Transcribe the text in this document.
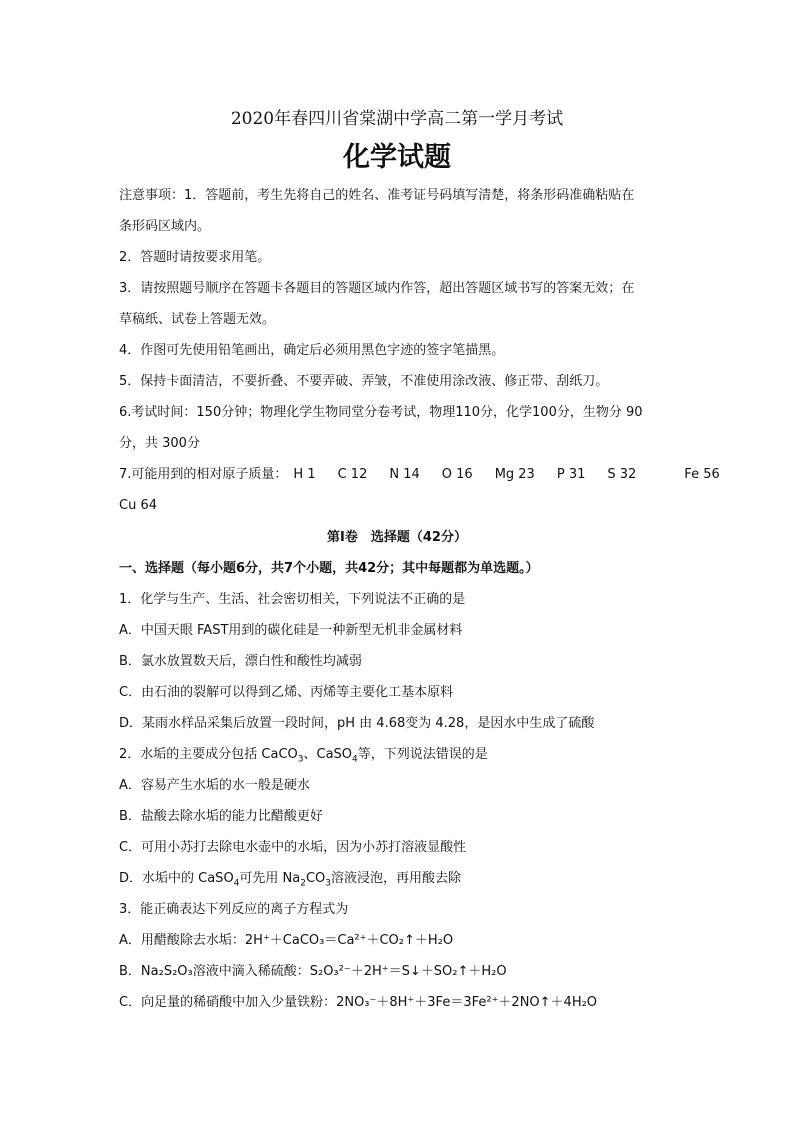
2020年春四川省棠湖中学高二第一学月考试
化学试题
注意事项：1．答题前，考生先将自己的姓名、准考证号码填写清楚，将条形码准确粘贴在
条形码区域内。
2．答题时请按要求用笔。
3．请按照题号顺序在答题卡各题目的答题区域内作答，超出答题区域书写的答案无效；在
草稿纸、试卷上答题无效。
4．作图可先使用铅笔画出，确定后必须用黑色字迹的签字笔描黑。
5．保持卡面清洁，不要折叠、不要弄破、弄皱，不准使用涂改液、修正带、刮纸刀。
6.考试时间：150分钟；物理化学生物同堂分卷考试，物理110分，化学100分，生物分 90
分，共 300分
7.可能用到的相对原子质量： H 1 C 12 N 14 O 16 Mg 23 P 31 S 32	Fe 56
Cu 64
第Ⅰ卷　选择题（42分）
一、选择题（每小题6分，共7个小题，共42分；其中每题都为单选题。）
1．化学与生产、生活、社会密切相关，下列说法不正确的是
A．中国天眼 FAST用到的碳化硅是一种新型无机非金属材料
B．氯水放置数天后，漂白性和酸性均减弱
C．由石油的裂解可以得到乙烯、丙烯等主要化工基本原料
D．某雨水样品采集后放置一段时间，pH 由 4.68变为 4.28，是因水中生成了硫酸
2．水垢的主要成分包括 CaCO$_3$、CaSO$_4$等，下列说法错误的是
A．容易产生水垢的水一般是硬水
B．盐酸去除水垢的能力比醋酸更好
C．可用小苏打去除电水壶中的水垢，因为小苏打溶液显酸性
D．水垢中的 CaSO$_4$可先用 $Na_2CO_3$溶液浸泡，再用酸去除
3．能正确表达下列反应的离子方程式为
A．用醋酸除去水垢：2H⁺＋CaCO₃＝Ca²⁺＋CO₂↑＋H₂O
B．Na₂S₂O₃溶液中滴入稀硫酸：S₂O₃²⁻＋2H⁺＝S↓＋SO₂↑＋H₂O
C．向足量的稀硝酸中加入少量铁粉：2NO₃⁻＋8H⁺＋3Fe＝3Fe²⁺＋2NO↑＋4H₂O
